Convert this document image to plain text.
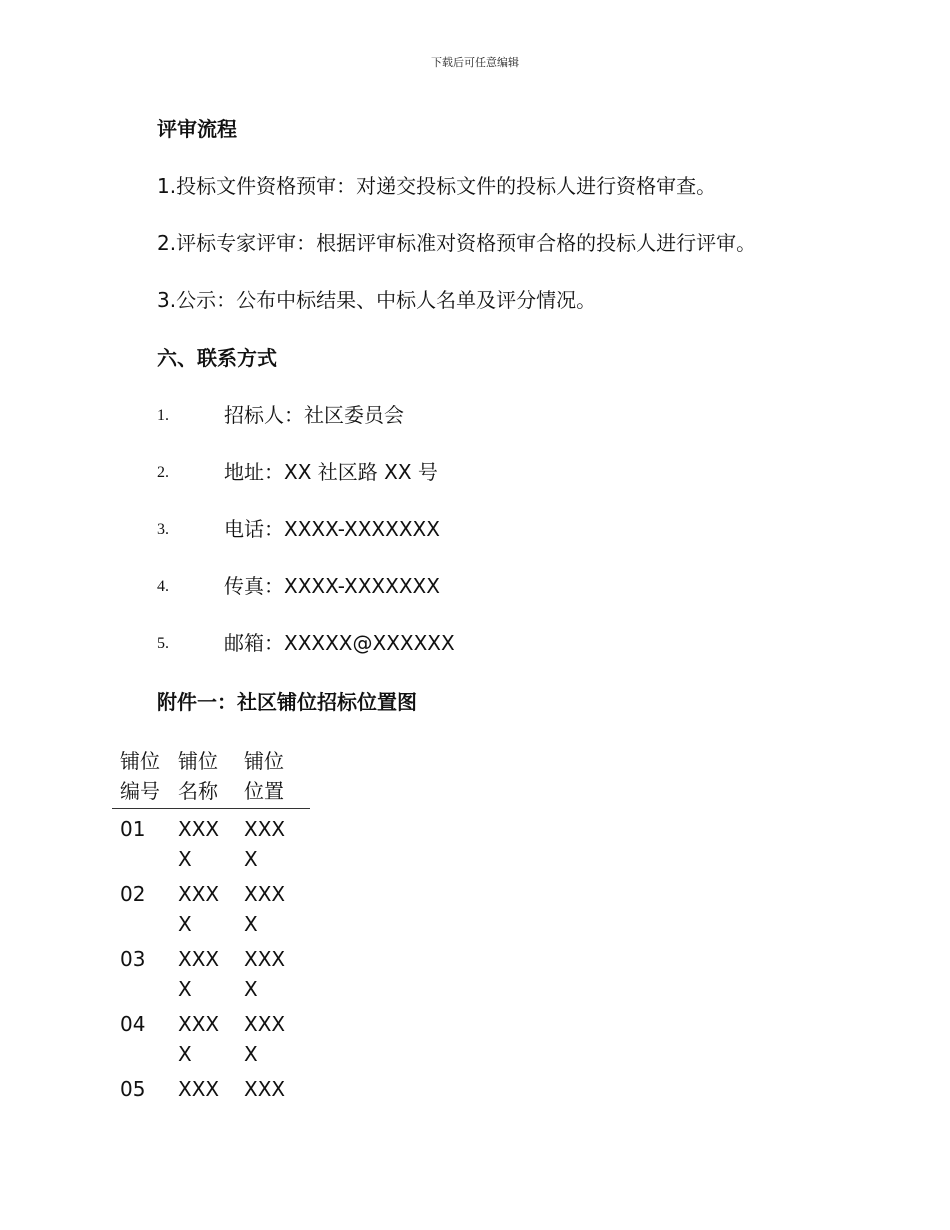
下载后可任意编辑
评审流程
1.投标文件资格预审：对递交投标文件的投标人进行资格审查。
2.评标专家评审：根据评审标准对资格预审合格的投标人进行评审。
3.公示：公布中标结果、中标人名单及评分情况。
六、联系方式
1.	招标人：社区委员会
2.	地址：XX 社区路 XX 号
3.	电话：XXXX-XXXXXXX
4.	传真：XXXX-XXXXXXX
5.	邮箱：XXXXX@XXXXXX
附件一：社区铺位招标位置图
铺位编号	铺位名称	铺位位置

01	XXXX	XXXX

02	XXXX	XXXX

03	XXXX	XXXX

04	XXXX	XXXX

05	XXX	XXX
